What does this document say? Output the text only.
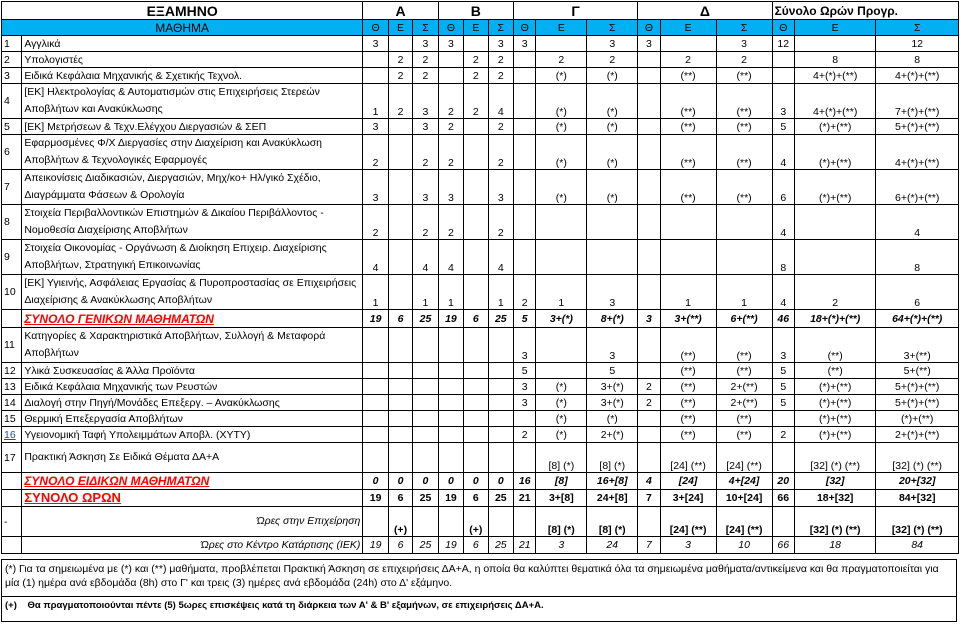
ΕΞΑΜΗΝΟ		Α			Β			Γ			Δ			Σύνολο Ωρών Προγρ.		
ΜΑΘΗΜΑ		Θ	Ε	Σ	Θ	Ε	Σ	Θ	Ε	Σ	Θ	Ε	Σ	Θ	Ε	Σ
1	Αγγλικά	3		3	3		3	3		3	3		3	12		12
2	Υπολογιστές		2	2		2	2		2	2		2	2		8	8
3	Ειδικά Κεφάλαια Μηχανικής & Σχετικής Τεχνολ.		2	2		2	2		(*)	(*)		(**)	(**)		4+(*)+(**)	4+(*)+(**)
4	[ΕΚ] Ηλεκτρολογίας & Αυτοματισμών στις Επιχειρήσεις Στερεών Αποβλήτων και Ανακύκλωσης	1	2	3	2	2	4		(*)	(*)		(**)	(**)	3	4+(*)+(**)	7+(*)+(**)
5	[ΕΚ] Μετρήσεων & Τεχν.Ελέγχου Διεργασιών & ΣΕΠ	3		3	2		2		(*)	(*)		(**)	(**)	5	(*)+(**)	5+(*)+(**)
6	Εφαρμοσμένες Φ/Χ Διεργασίες στην Διαχείριση και Ανακύκλωση Αποβλήτων & Τεχνολογικές Εφαρμογές	2		2	2		2		(*)	(*)		(**)	(**)	4	(*)+(**)	4+(*)+(**)
7	Απεικονίσεις Διαδικασιών, Διεργασιών, Μηχ/κο+ Ηλ/γικό Σχέδιο, Διαγράμματα Φάσεων & Ορολογία	3		3	3		3		(*)	(*)		(**)	(**)	6	(*)+(**)	6+(*)+(**)
8	Στοιχεία Περιβαλλοντικών Επιστημών & Δικαίου Περιβάλλοντος - Νομοθεσία Διαχείρισης Αποβλήτων	2		2	2		2							4		4
9	Στοιχεία Οικονομίας - Οργάνωση & Διοίκηση Επιχειρ. Διαχείρισης Αποβλήτων, Στρατηγική Επικοινωνίας	4		4	4		4							8		8
10	[ΕΚ] Υγιεινής, Ασφάλειας Εργασίας & Πυροπροστασίας σε Επιχειρήσεις Διαχείρισης & Ανακύκλωσης Αποβλήτων	1		1	1		1	2	1	3		1	1	4	2	6
	ΣΥΝΟΛΟ ΓΕΝΙΚΩΝ ΜΑΘΗΜΑΤΩΝ	19	6	25	19	6	25	5	3+(*)	8+(*)	3	3+(**)	6+(**)	46	18+(*)+(**)	64+(*)+(**)
11	Κατηγορίες & Χαρακτηριστικά Αποβλήτων, Συλλογή & Μεταφορά Αποβλήτων							3		3		(**)	(**)	3	(**)	3+(**)
12	Υλικά Συσκευασίας & Άλλα Προϊόντα							5		5		(**)	(**)	5	(**)	5+(**)
13	Ειδικά Κεφάλαια Μηχανικής των Ρευστών							3	(*)	3+(*)	2	(**)	2+(**)	5	(*)+(**)	5+(*)+(**)
14	Διαλογή στην Πηγή/Μονάδες Επεξεργ. – Ανακύκλωσης							3	(*)	3+(*)	2	(**)	2+(**)	5	(*)+(**)	5+(*)+(**)
15	Θερμική Επεξεργασία Αποβλήτων								(*)	(*)		(**)	(**)		(*)+(**)	(*)+(**)
16	Υγειονομική Ταφή Υπολειμμάτων Αποβλ. (ΧΥΤΥ)							2	(*)	2+(*)		(**)	(**)	2	(*)+(**)	2+(*)+(**)
17	Πρακτική Άσκηση Σε Ειδικά Θέματα ΔΑ+Α								[8] (*)	[8] (*)		[24] (**)	[24] (**)		[32] (*) (**)	[32] (*) (**)
	ΣΥΝΟΛΟ ΕΙΔΙΚΩΝ ΜΑΘΗΜΑΤΩΝ	0	0	0	0	0	0	16	[8]	16+[8]	4	[24]	4+[24]	20	[32]	20+[32]
	ΣΥΝΟΛΟ ΩΡΩΝ	19	6	25	19	6	25	21	3+[8]	24+[8]	7	3+[24]	10+[24]	66	18+[32]	84+[32]
-	Ώρες στην Επιχείρηση		(+)			(+)			[8] (*)	[8] (*)		[24] (**)	[24] (**)		[32] (*) (**)	[32] (*) (**)
	Ώρες στο Κέντρο Κατάρτισης (ΙΕΚ)	19	6	25	19	6	25	21	3	24	7	3	10	66	18	84
(*) Για τα σημειωμένα με (*) και (**) μαθήματα, προβλέπεται Πρακτική Άσκηση σε επιχειρήσεις ΔΑ+Α, η οποία θα καλύπτει θεματικά όλα τα σημειωμένα μαθήματα/αντικείμενα και θα πραγματοποιείται για μία (1) ημέρα ανά εβδομάδα (8h) στο Γ' και τρεις (3) ημέρες ανά εβδομάδα (24h) στο Δ' εξάμηνο.
(+) Θα πραγματοποιούνται πέντε (5) 5ωρες επισκέψεις κατά τη διάρκεια των Α' & Β' εξαμήνων, σε επιχειρήσεις ΔΑ+Α.
